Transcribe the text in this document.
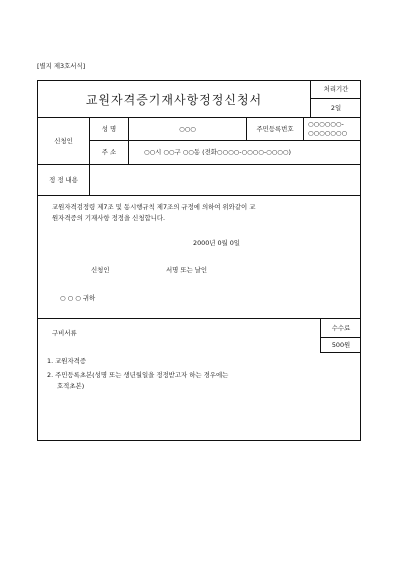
[별지 제3호서식]
교원자격증기재사항정정신청서
처리기간
2일
신청인
성 명	○○○	주민등록번호
○○○○○○-
○○○○○○○
주 소	○○시 ○○구 ○○동 (전화○○○○-○○○○-○○○○)
정 정 내용
교원자격검정령 제7조 및 동시행규칙 제7조의 규정에 의하여 위와같이 교
원자격증의 기재사항 정정을 신청합니다.
2000년 0월 0일
신청인	서명 또는 날인
○ ○ ○ 귀하
구비서류
1. 교원자격증
2. 주민등록초본(성명 또는 생년월일을 정정받고자 하는 경우에는
호적초본)
수수료
500원
